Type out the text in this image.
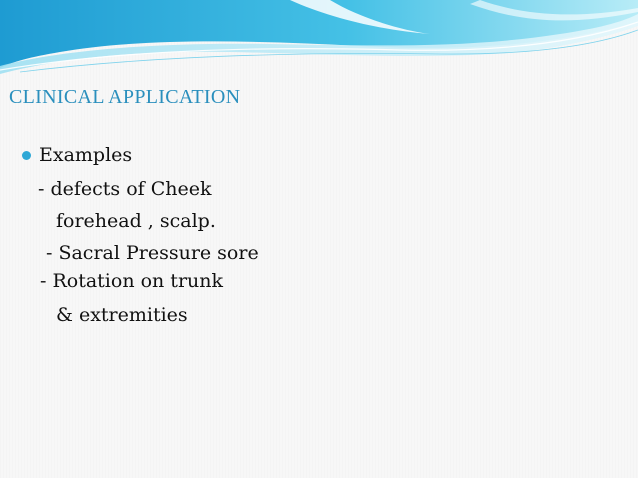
CLINICAL APPLICATION
Examples
- defects of Cheek
forehead , scalp.
- Sacral Pressure sore
- Rotation on trunk
& extremities
